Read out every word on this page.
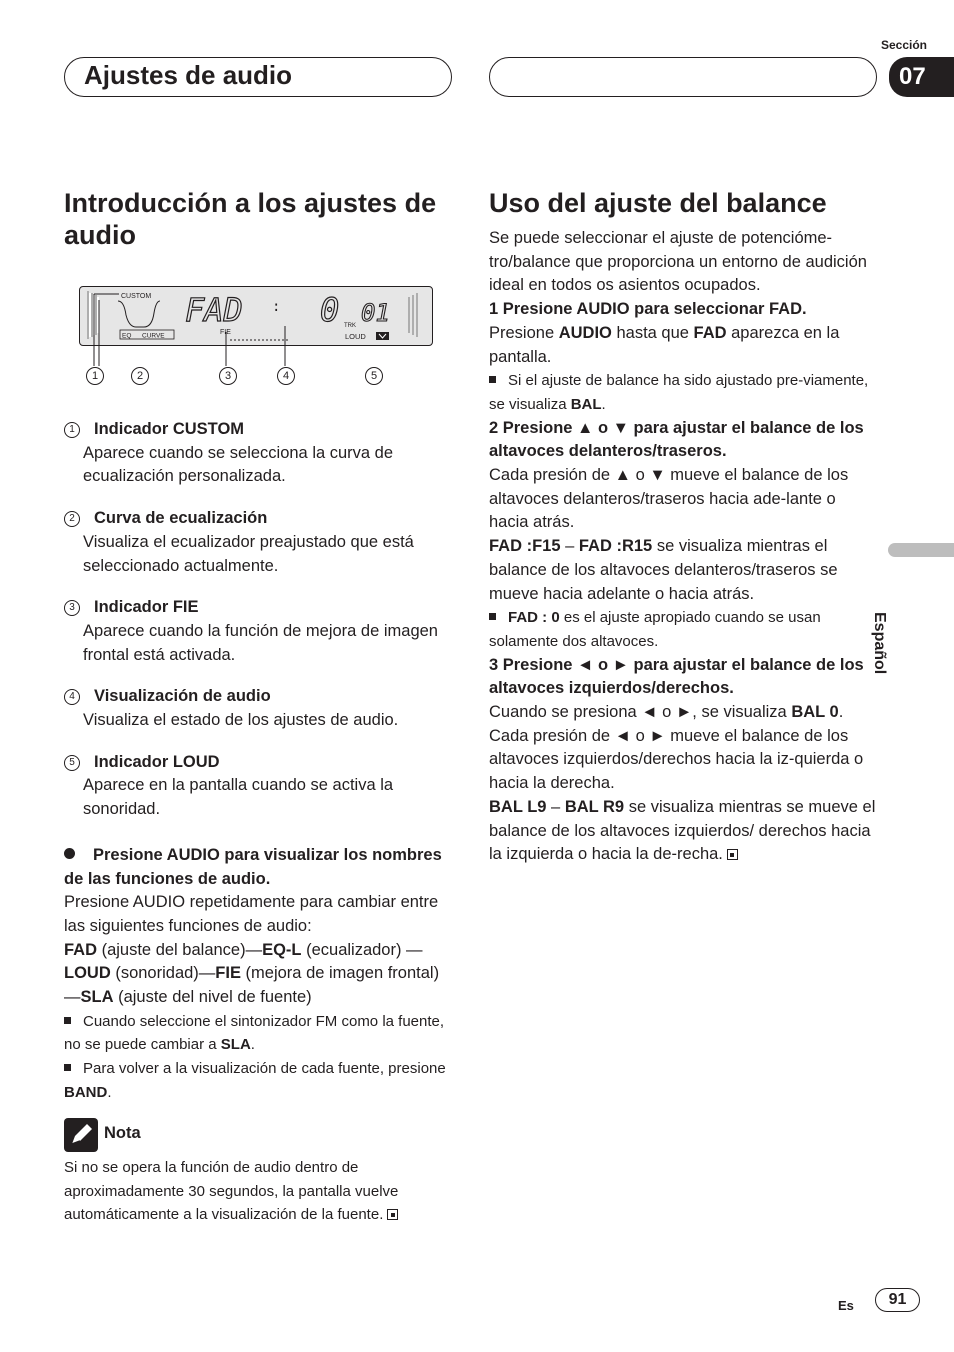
Ajustes de audio
Sección
07
Español
Introducción a los ajustes de audio
CUSTOM
EQ CURVE
FAD
FIE
: 0 TRK 01
LOUD
1	2	3	4	5

1 Indicador CUSTOM

Aparece cuando se selecciona la curva de ecualización personalizada.

2 Curva de ecualización

Visualiza el ecualizador preajustado que está seleccionado actualmente.

3 Indicador FIE

Aparece cuando la función de mejora de imagen frontal está activada.

4 Visualización de audio

Visualiza el estado de los ajustes de audio.

5 Indicador LOUD

Aparece en la pantalla cuando se activa la sonoridad.

Presione AUDIO para visualizar los nombres de las funciones de audio.

Presione AUDIO repetidamente para cambiar entre las siguientes funciones de audio:

FAD (ajuste del balance)—EQ-L (ecualizador) —LOUD (sonoridad)—FIE (mejora de imagen frontal)—SLA (ajuste del nivel de fuente)

Cuando seleccione el sintonizador FM como la fuente, no se puede cambiar a SLA.

Para volver a la visualización de cada fuente, presione BAND.

Nota
Si no se opera la función de audio dentro de aproximadamente 30 segundos, la pantalla vuelve automáticamente a la visualización de la fuente.
Uso del ajuste del balance

Se puede seleccionar el ajuste de potencióme-tro/balance que proporciona un entorno de audición ideal en todos os asientos ocupados.

1 Presione AUDIO para seleccionar FAD.

Presione AUDIO hasta que FAD aparezca en la pantalla.

Si el ajuste de balance ha sido ajustado pre-viamente, se visualiza BAL.

2 Presione ▲ o ▼ para ajustar el balance de los altavoces delanteros/traseros.

Cada presión de ▲ o ▼ mueve el balance de los altavoces delanteros/traseros hacia ade-lante o hacia atrás.

FAD :F15 – FAD :R15 se visualiza mientras el balance de los altavoces delanteros/traseros se mueve hacia adelante o hacia atrás.

FAD : 0 es el ajuste apropiado cuando se usan solamente dos altavoces.

3 Presione ◄ o ► para ajustar el balance de los altavoces izquierdos/derechos.

Cuando se presiona ◄ o ►, se visualiza BAL 0. Cada presión de ◄ o ► mueve el balance de los altavoces izquierdos/derechos hacia la iz-quierda o hacia la derecha.

BAL L9 – BAL R9 se visualiza mientras se mueve el balance de los altavoces izquierdos/ derechos hacia la izquierda o hacia la de-recha.

Es	91
